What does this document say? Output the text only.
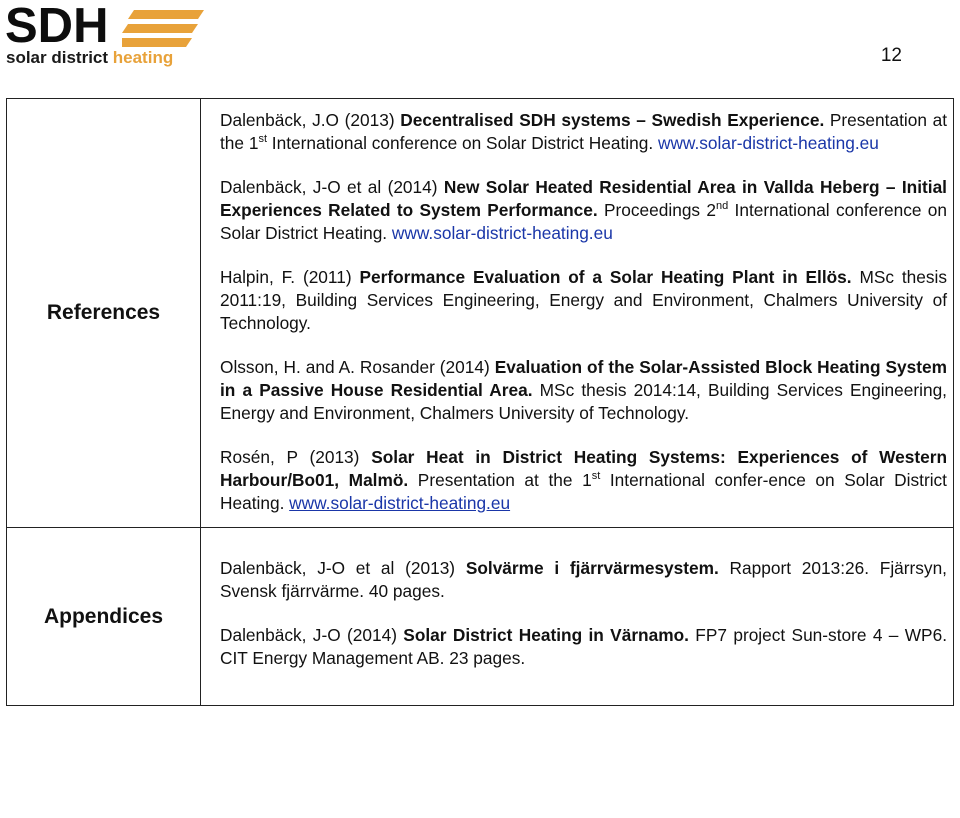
SDH
solar district heating	12
References	Dalenbäck, J.O (2013) Decentralised SDH systems – Swedish Experience. Presentation at the 1st International conference on Solar District Heating. www.solar-district-heating.eu

Dalenbäck, J-O et al (2014) New Solar Heated Residential Area in Vallda Heberg – Initial Experiences Related to System Performance. Proceedings 2nd International conference on Solar District Heating. www.solar-district-heating.eu

Halpin, F. (2011) Performance Evaluation of a Solar Heating Plant in Ellös. MSc thesis 2011:19, Building Services Engineering, Energy and Environment, Chalmers University of Technology.

Olsson, H. and A. Rosander (2014) Evaluation of the Solar-Assisted Block Heating System in a Passive House Residential Area. MSc thesis 2014:14, Building Services Engineering, Energy and Environment, Chalmers University of Technology.

Rosén, P (2013) Solar Heat in District Heating Systems: Experiences of Western Harbour/Bo01, Malmö. Presentation at the 1st International confer-ence on Solar District Heating. www.solar-district-heating.eu

Appendices	Dalenbäck, J-O et al (2013) Solvärme i fjärrvärmesystem. Rapport 2013:26. Fjärrsyn, Svensk fjärrvärme. 40 pages.

Dalenbäck, J-O (2014) Solar District Heating in Värnamo. FP7 project Sun-store 4 – WP6. CIT Energy Management AB. 23 pages.
